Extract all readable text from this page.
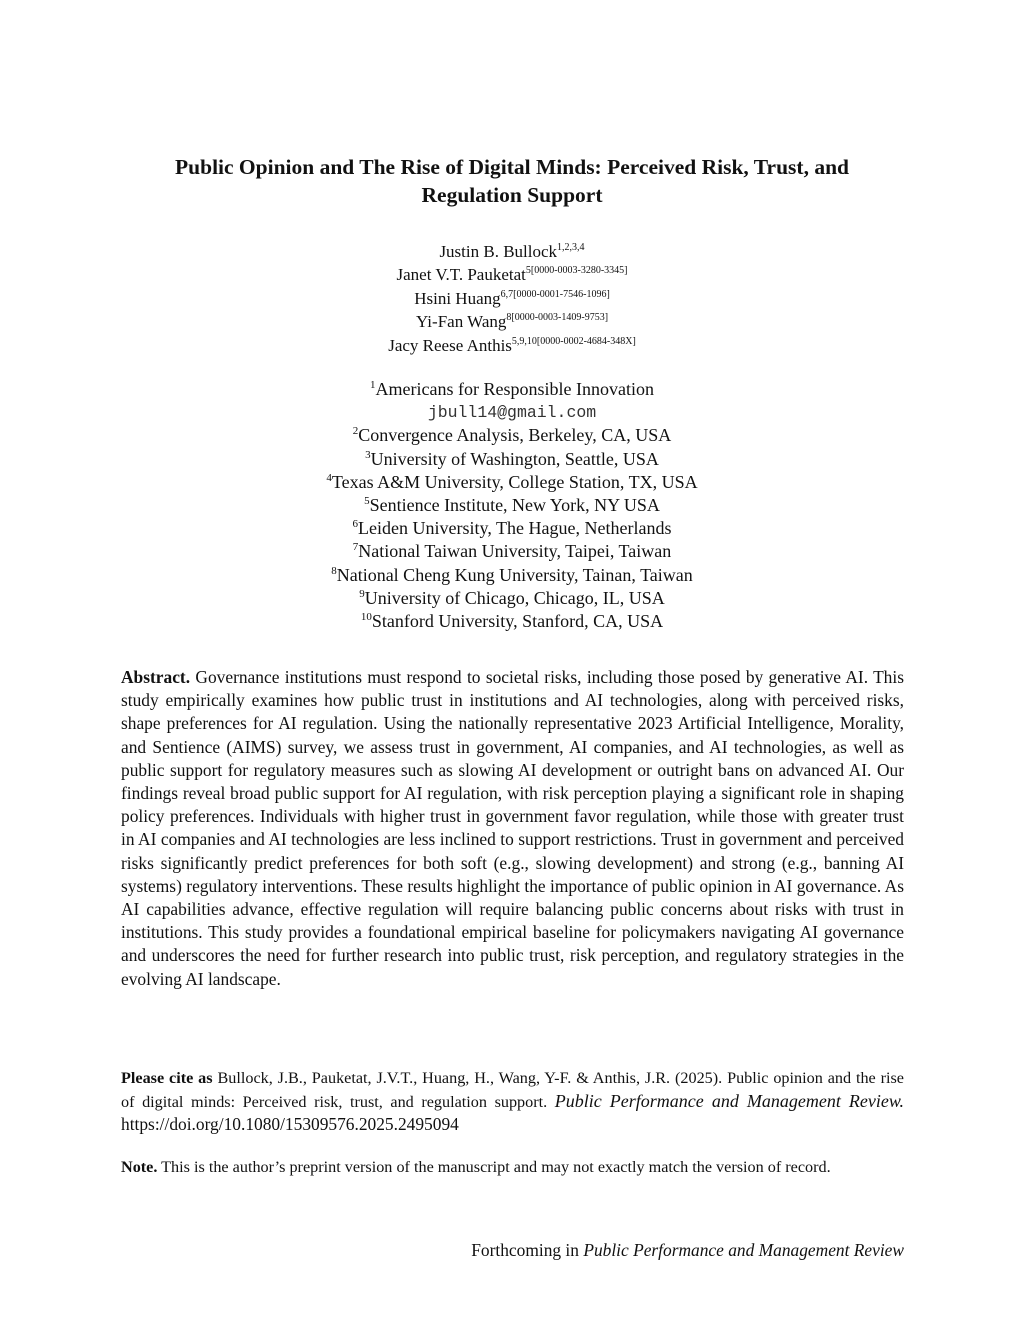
Public Opinion and The Rise of Digital Minds: Perceived Risk, Trust, and
Regulation Support
Justin B. Bullock$^{1,2,3,4}$
Janet V.T. Pauketat$^{5[0000-0003-3280-3345]}$
Hsini Huang$^{6,7[0000-0001-7546-1096]}$
Yi-Fan Wang$^{8[0000-0003-1409-9753]}$
Jacy Reese Anthis$^{5,9,10[0000-0002-4684-348X]}$
$^1$Americans for Responsible Innovation
jbull14@gmail.com
$^2$Convergence Analysis, Berkeley, CA, USA
$^3$University of Washington, Seattle, USA
$^4$Texas A&M University, College Station, TX, USA
$^5$Sentience Institute, New York, NY USA
$^6$Leiden University, The Hague, Netherlands
$^7$National Taiwan University, Taipei, Taiwan
$^8$National Cheng Kung University, Tainan, Taiwan
$^9$University of Chicago, Chicago, IL, USA
$^{10}$Stanford University, Stanford, CA, USA
Abstract. Governance institutions must respond to societal risks, including those posed by generative AI. This study empirically examines how public trust in institutions and AI technologies, along with perceived risks, shape preferences for AI regulation. Using the nationally representative 2023 Artificial Intelligence, Morality, and Sentience (AIMS) survey, we assess trust in government, AI companies, and AI technologies, as well as public support for regulatory measures such as slowing AI development or outright bans on advanced AI. Our findings reveal broad public support for AI regulation, with risk perception playing a significant role in shaping policy preferences. Individuals with higher trust in government favor regulation, while those with greater trust in AI companies and AI technologies are less inclined to support restrictions. Trust in government and perceived risks significantly predict preferences for both soft (e.g., slowing development) and strong (e.g., banning AI systems) regulatory interventions. These results highlight the importance of public opinion in AI governance. As AI capabilities advance, effective regulation will require balancing public concerns about risks with trust in institutions. This study provides a foundational empirical baseline for policymakers navigating AI governance and underscores the need for further research into public trust, risk perception, and regulatory strategies in the evolving AI landscape.
Please cite as Bullock, J.B., Pauketat, J.V.T., Huang, H., Wang, Y-F. & Anthis, J.R. (2025). Public opinion and the rise of digital minds: Perceived risk, trust, and regulation support. Public Performance and Management Review. https://doi.org/10.1080/15309576.2025.2495094
Note. This is the author’s preprint version of the manuscript and may not exactly match the version of record.
Forthcoming in Public Performance and Management Review
